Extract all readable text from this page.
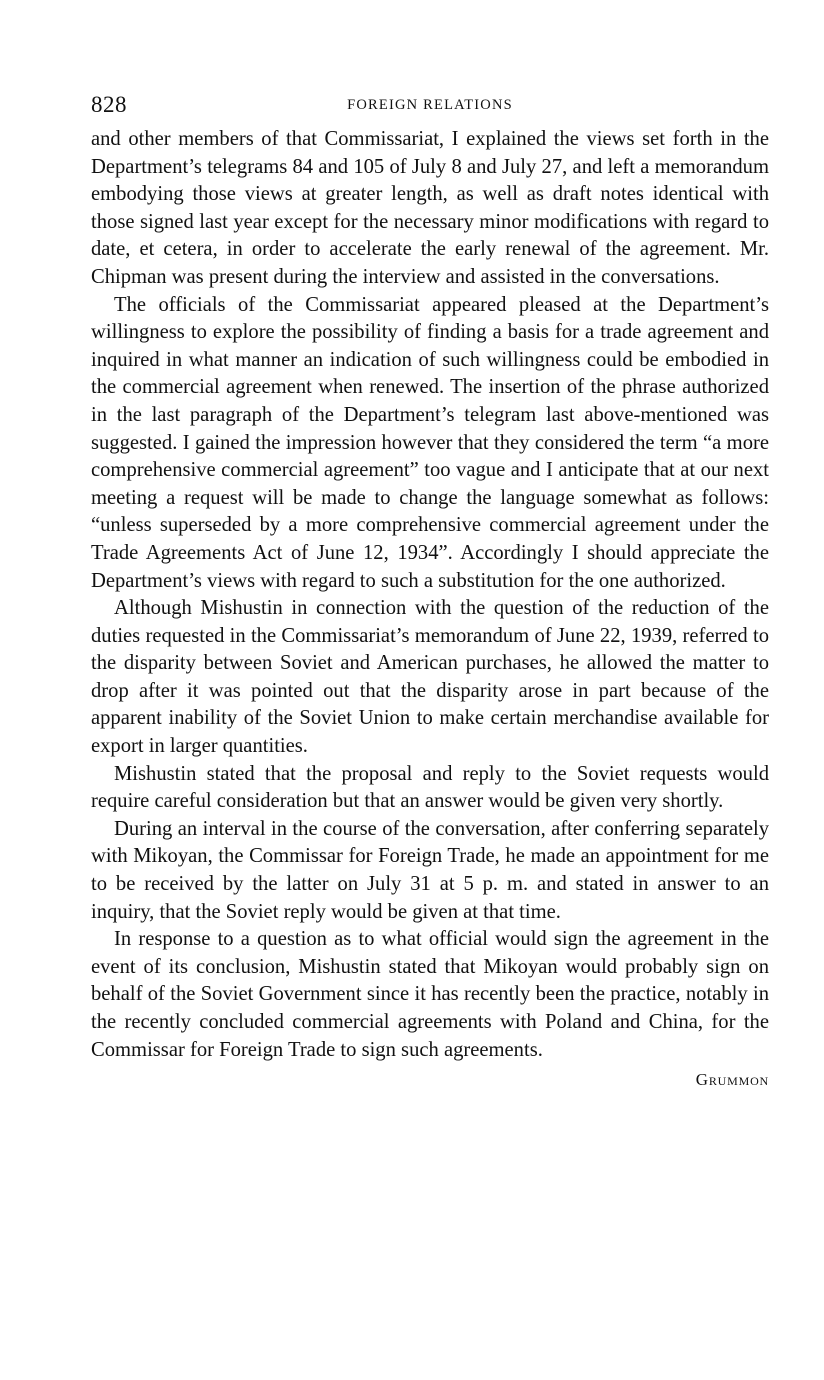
828	FOREIGN RELATIONS

and other members of that Commissariat, I explained the views set forth in the Department’s telegrams 84 and 105 of July 8 and July 27, and left a memorandum embodying those views at greater length, as well as draft notes identical with those signed last year except for the necessary minor modifications with regard to date, et cetera, in order to accelerate the early renewal of the agreement. Mr. Chipman was present during the interview and assisted in the conversations.

The officials of the Commissariat appeared pleased at the Department’s willingness to explore the possibility of finding a basis for a trade agreement and inquired in what manner an indication of such willingness could be embodied in the commercial agreement when renewed. The insertion of the phrase authorized in the last paragraph of the Department’s telegram last above-mentioned was suggested. I gained the impression however that they considered the term “a more comprehensive commercial agreement” too vague and I anticipate that at our next meeting a request will be made to change the language somewhat as follows: “unless superseded by a more comprehensive commercial agreement under the Trade Agreements Act of June 12, 1934”. Accordingly I should appreciate the Department’s views with regard to such a substitution for the one authorized.

Although Mishustin in connection with the question of the reduction of the duties requested in the Commissariat’s memorandum of June 22, 1939, referred to the disparity between Soviet and American purchases, he allowed the matter to drop after it was pointed out that the disparity arose in part because of the apparent inability of the Soviet Union to make certain merchandise available for export in larger quantities.

Mishustin stated that the proposal and reply to the Soviet requests would require careful consideration but that an answer would be given very shortly.

During an interval in the course of the conversation, after conferring separately with Mikoyan, the Commissar for Foreign Trade, he made an appointment for me to be received by the latter on July 31 at 5 p. m. and stated in answer to an inquiry, that the Soviet reply would be given at that time.

In response to a question as to what official would sign the agreement in the event of its conclusion, Mishustin stated that Mikoyan would probably sign on behalf of the Soviet Government since it has recently been the practice, notably in the recently concluded commercial agreements with Poland and China, for the Commissar for Foreign Trade to sign such agreements.

Grummon
